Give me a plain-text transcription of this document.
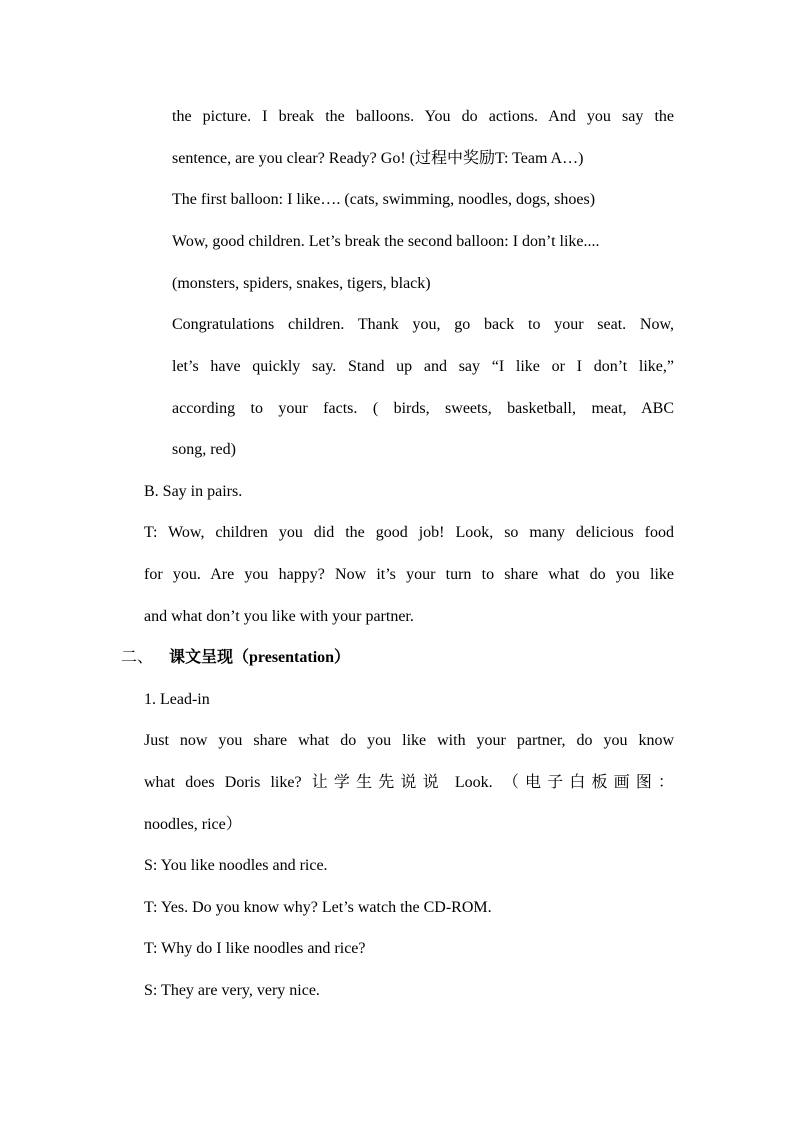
the picture. I break the balloons. You do actions. And you say the
sentence, are you clear? Ready? Go! (过程中奖励T: Team A…)
The first balloon: I like…. (cats, swimming, noodles, dogs, shoes)
Wow, good children. Let’s break the second balloon: I don’t like....
(monsters, spiders, snakes, tigers, black)
Congratulations children. Thank you, go back to your seat. Now,
let’s have quickly say. Stand up and say “I like or I don’t like,”
according to your facts. ( birds, sweets, basketball, meat, ABC
song, red)
B. Say in pairs.
T: Wow, children you did the good job! Look, so many delicious food
for you. Are you happy? Now it’s your turn to share what do you like
and what don’t you like with your partner.
二、 课文呈现（presentation）
1. Lead-in
Just now you share what do you like with your partner, do you know
what does Doris like? 让学生先说说 Look. （电子白板画图：
noodles, rice）
S: You like noodles and rice.
T: Yes. Do you know why? Let’s watch the CD-ROM.
T: Why do I like noodles and rice?
S: They are very, very nice.
